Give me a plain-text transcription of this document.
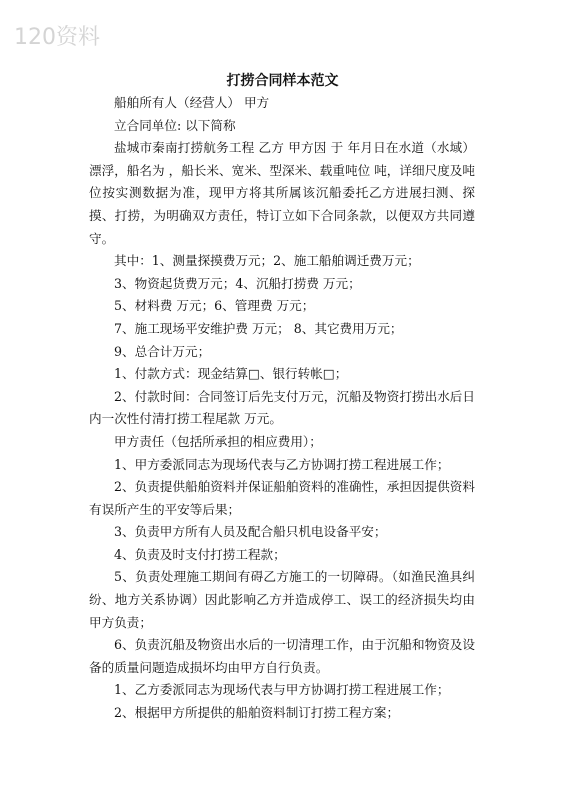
120资料
打捞合同样本范文

船舶所有人（经营人） 甲方

立合同单位: 以下简称

盐城市秦南打捞航务工程 乙方 甲方因 于 年月日在水道（水域）漂浮，船名为 ，船长米、宽米、型深米、载重吨位 吨，详细尺度及吨位按实测数据为准，现甲方将其所属该沉船委托乙方进展扫测、探摸、打捞，为明确双方责任，特订立如下合同条款，以便双方共同遵守。

其中：1、测量探摸费万元；2、施工船舶调迁费万元；

3、物资起货费万元；4、沉船打捞费 万元；

5、材料费 万元；6、管理费 万元；

7、施工现场平安维护费 万元； 8、其它费用万元；

9、总合计万元；

1、付款方式：现金结算□、银行转帐□；

2、付款时间：合同签订后先支付万元，沉船及物资打捞出水后日内一次性付清打捞工程尾款 万元。

甲方责任（包括所承担的相应费用）；

1、甲方委派同志为现场代表与乙方协调打捞工程进展工作；

2、负责提供船舶资料并保证船舶资料的准确性，承担因提供资料有误所产生的平安等后果；

3、负责甲方所有人员及配合船只机电设备平安；

4、负责及时支付打捞工程款；

5、负责处理施工期间有碍乙方施工的一切障碍。（如渔民渔具纠纷、地方关系协调）因此影响乙方并造成停工、误工的经济损失均由甲方负责；

6、负责沉船及物资出水后的一切清理工作，由于沉船和物资及设备的质量问题造成损坏均由甲方自行负责。

1、乙方委派同志为现场代表与甲方协调打捞工程进展工作；

2、根据甲方所提供的船舶资料制订打捞工程方案；
